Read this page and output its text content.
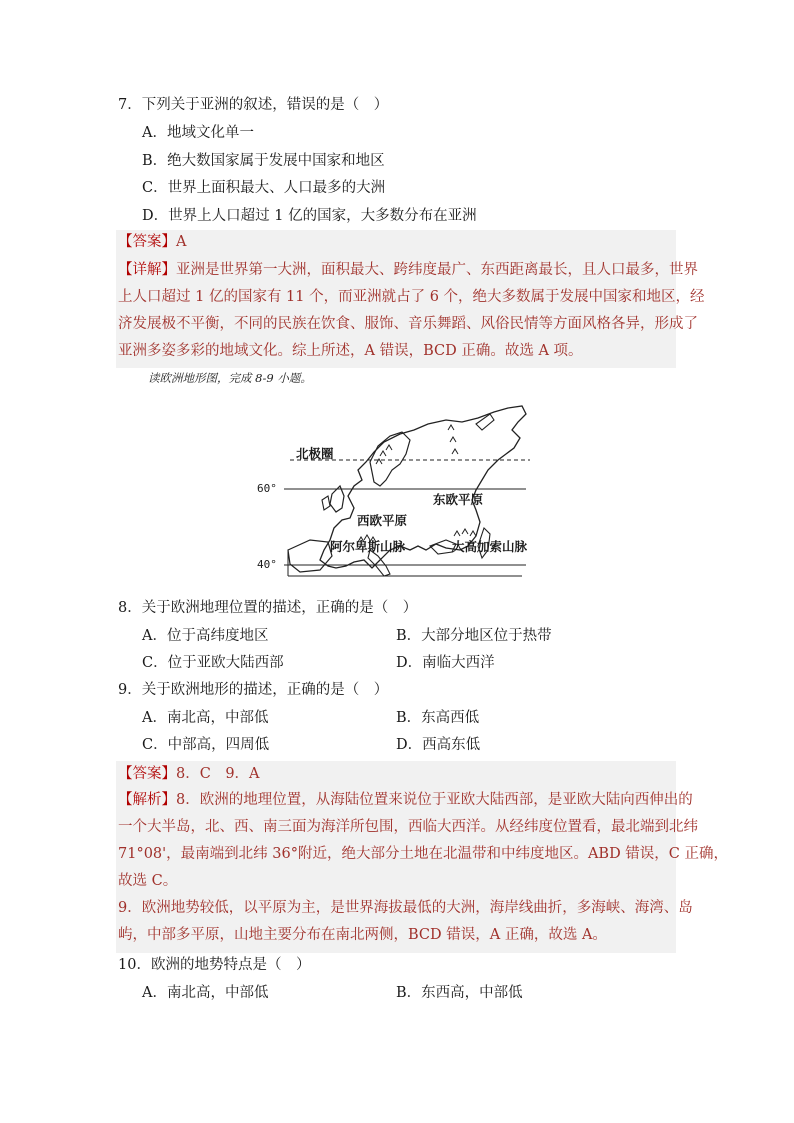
7．下列关于亚洲的叙述，错误的是（　）
A．地域文化单一
B．绝大数国家属于发展中国家和地区
C．世界上面积最大、人口最多的大洲
D．世界上人口超过 1 亿的国家，大多数分布在亚洲
【答案】A
【详解】亚洲是世界第一大洲，面积最大、跨纬度最广、东西距离最长，且人口最多，世界
上人口超过 1 亿的国家有 11 个，而亚洲就占了 6 个，绝大多数属于发展中国家和地区，经
济发展极不平衡，不同的民族在饮食、服饰、音乐舞蹈、风俗民情等方面风格各异，形成了
亚洲多姿多彩的地域文化。综上所述，A 错误，BCD 正确。故选 A 项。
读欧洲地形图，完成 8-9 小题。
北极圈
东欧平原
西欧平原
阿尔卑斯山脉	大高加索山脉
60°
40°
8．关于欧洲地理位置的描述，正确的是（　）
A．位于高纬度地区	B．大部分地区位于热带
C．位于亚欧大陆西部	D．南临大西洋
9．关于欧洲地形的描述，正确的是（　）
A．南北高，中部低	B．东高西低
C．中部高，四周低	D．西高东低
【答案】8．C　9．A
【解析】8．欧洲的地理位置，从海陆位置来说位于亚欧大陆西部，是亚欧大陆向西伸出的
一个大半岛，北、西、南三面为海洋所包围，西临大西洋。从经纬度位置看，最北端到北纬
71°08'，最南端到北纬 36°附近，绝大部分土地在北温带和中纬度地区。ABD 错误，C 正确，
故选 C。
9．欧洲地势较低，以平原为主，是世界海拔最低的大洲，海岸线曲折，多海峡、海湾、岛
屿，中部多平原，山地主要分布在南北两侧，BCD 错误，A 正确，故选 A。
10．欧洲的地势特点是（　）
A．南北高，中部低	B．东西高，中部低
